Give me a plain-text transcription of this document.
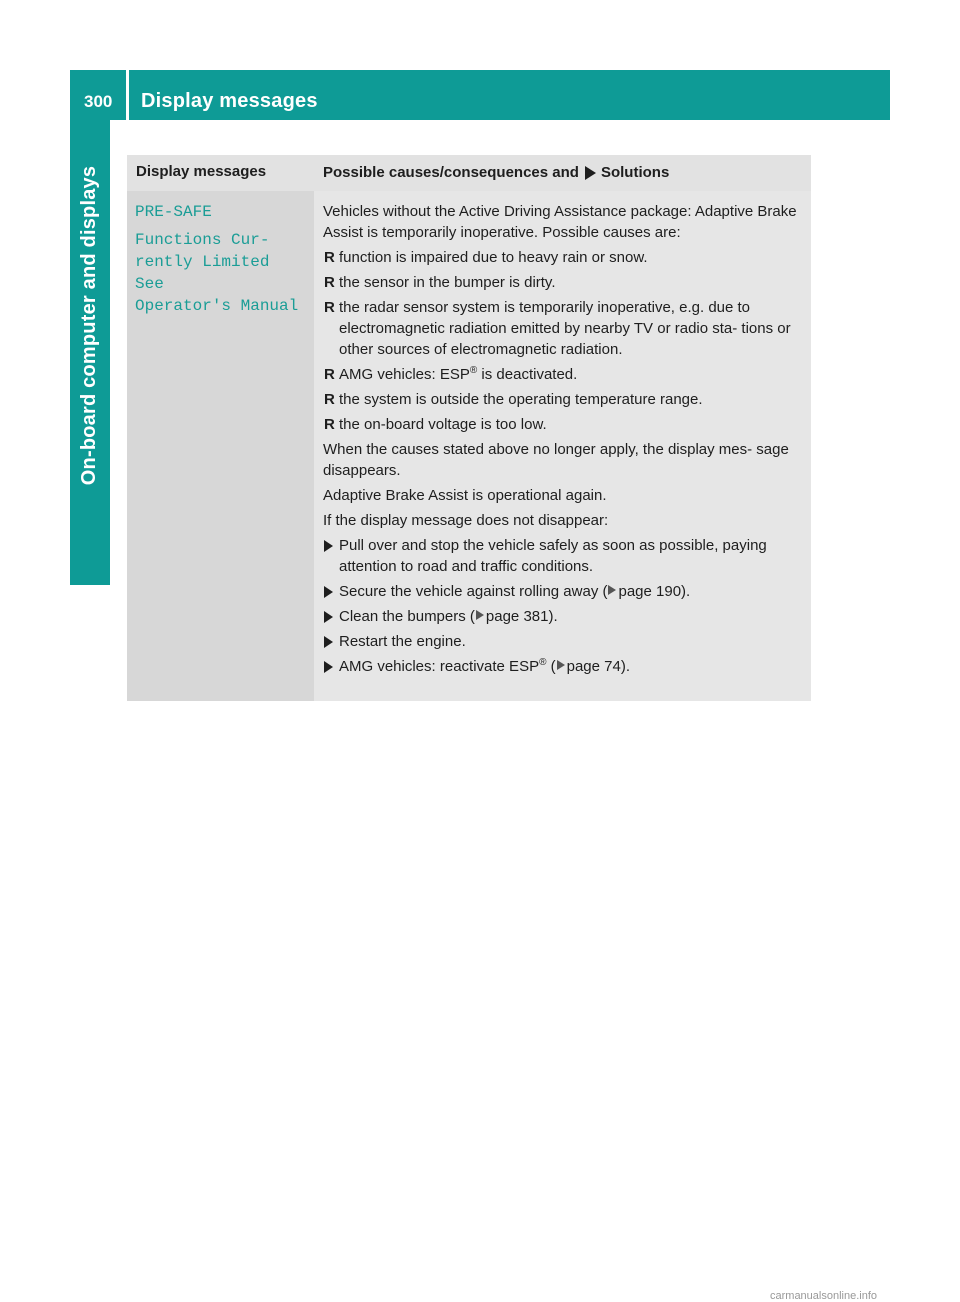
300 Display messages
On-board computer and displays	Display messages	Possible causes/consequences and Solutions
PRE-SAFE
Functions Cur‐
rently Limited See
Operator's Manual

Vehicles without the Active Driving Assistance package: Adaptive Brake Assist is temporarily inoperative. Possible causes are:

R function is impaired due to heavy rain or snow.
R the sensor in the bumper is dirty.
R the radar sensor system is temporarily inoperative, e.g. due to electromagnetic radiation emitted by nearby TV or radio sta‐ tions or other sources of electromagnetic radiation.
R AMG vehicles: ESP® is deactivated.
R the system is outside the operating temperature range.
R the on-board voltage is too low.

When the causes stated above no longer apply, the display mes‐ sage disappears.

Adaptive Brake Assist is operational again.

If the display message does not disappear:

Pull over and stop the vehicle safely as soon as possible, paying attention to road and traffic conditions.
Secure the vehicle against rolling away ( page 190).
Clean the bumpers ( page 381).
Restart the engine.
AMG vehicles: reactivate ESP® ( page 74).
carmanualsonline.info
